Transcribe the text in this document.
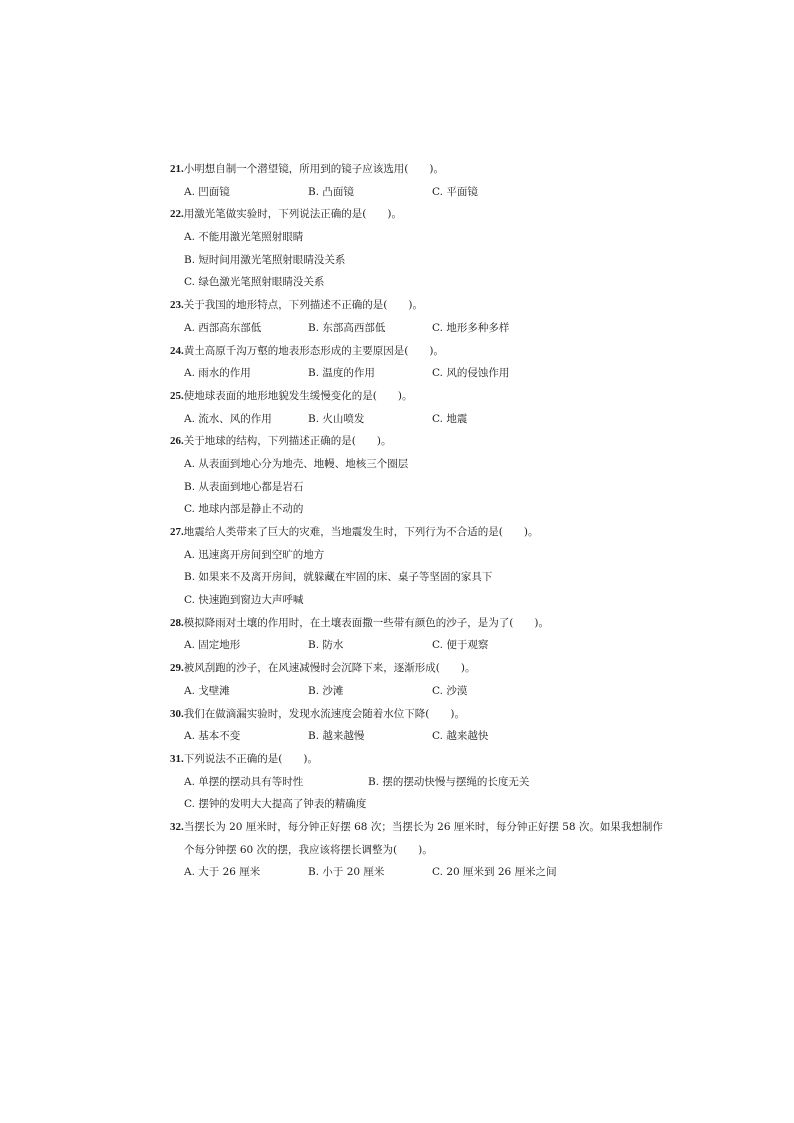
21.小明想自制一个潜望镜，所用到的镜子应该选用(　　)。
A. 凹面镜	B. 凸面镜	C. 平面镜
22.用激光笔做实验时，下列说法正确的是(　　)。
A. 不能用激光笔照射眼睛
B. 短时间用激光笔照射眼睛没关系
C. 绿色激光笔照射眼睛没关系
23.关于我国的地形特点，下列描述不正确的是(　　)。
A. 西部高东部低	B. 东部高西部低	C. 地形多种多样
24.黄土高原千沟万壑的地表形态形成的主要原因是(　　)。
A. 雨水的作用	B. 温度的作用	C. 风的侵蚀作用
25.使地球表面的地形地貌发生缓慢变化的是(　　)。
A. 流水、风的作用	B. 火山喷发	C. 地震
26.关于地球的结构，下列描述正确的是(　　)。
A. 从表面到地心分为地壳、地幔、地核三个圈层
B. 从表面到地心都是岩石
C. 地球内部是静止不动的
27.地震给人类带来了巨大的灾难，当地震发生时，下列行为不合适的是(　　)。
A. 迅速离开房间到空旷的地方
B. 如果来不及离开房间，就躲藏在牢固的床、桌子等坚固的家具下
C. 快速跑到窗边大声呼喊
28.模拟降雨对土壤的作用时，在土壤表面撒一些带有颜色的沙子，是为了(　　)。
A. 固定地形	B. 防水	C. 便于观察
29.被风刮跑的沙子，在风速减慢时会沉降下来，逐渐形成(　　)。
A. 戈壁滩	B. 沙滩	C. 沙漠
30.我们在做滴漏实验时，发现水流速度会随着水位下降(　　)。
A. 基本不变	B. 越来越慢	C. 越来越快
31.下列说法不正确的是(　　)。
A. 单摆的摆动具有等时性	B. 摆的摆动快慢与摆绳的长度无关
C. 摆钟的发明大大提高了钟表的精确度
32.当摆长为 20 厘米时，每分钟正好摆 68 次；当摆长为 26 厘米时，每分钟正好摆 58 次。如果我想制作
个每分钟摆 60 次的摆，我应该将摆长调整为(　　)。
A. 大于 26 厘米	B. 小于 20 厘米	C. 20 厘米到 26 厘米之间
